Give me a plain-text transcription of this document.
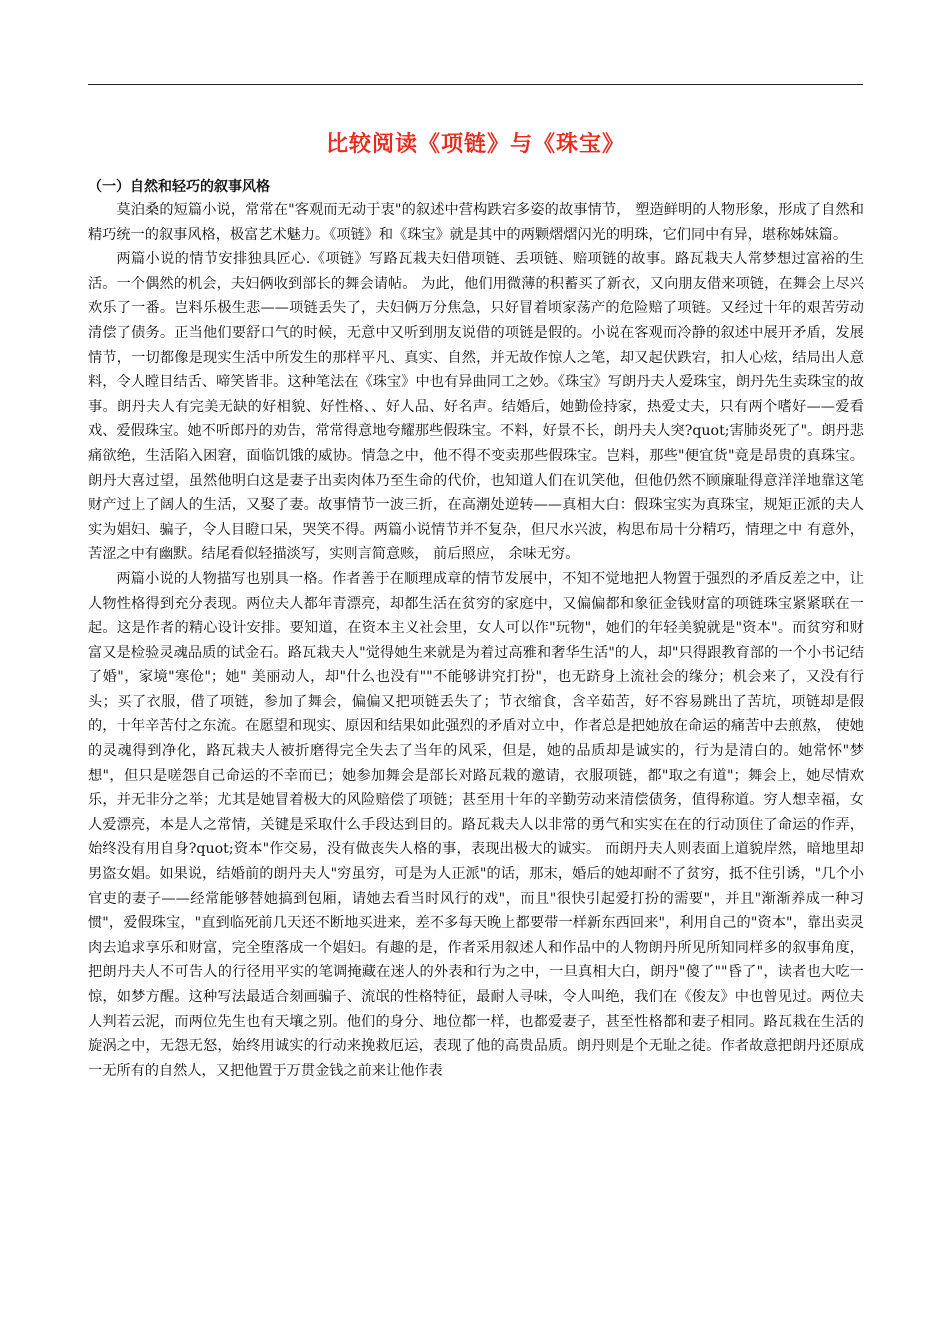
比较阅读《项链》与《珠宝》
（一）自然和轻巧的叙事风格

莫泊桑的短篇小说，常常在"客观而无动于衷"的叙述中营构跌宕多姿的故事情节， 塑造鲜明的人物形象，形成了自然和精巧统一的叙事风格，极富艺术魅力。《项链》和《珠宝》就是其中的两颗熠熠闪光的明珠，它们同中有异，堪称姊妹篇。

两篇小说的情节安排独具匠心.《项链》写路瓦栽夫妇借项链、丢项链、赔项链的故事。路瓦栽夫人常梦想过富裕的生活。一个偶然的机会，夫妇俩收到部长的舞会请帖。 为此，他们用微薄的积蓄买了新衣，又向朋友借来项链，在舞会上尽兴欢乐了一番。岂料乐极生悲——项链丢失了，夫妇俩万分焦急，只好冒着顷家荡产的危险赔了项链。又经过十年的艰苦劳动清偿了债务。正当他们要舒口气的时候，无意中又听到朋友说借的项链是假的。小说在客观而冷静的叙述中展开矛盾，发展情节，一切都像是现实生活中所发生的那样平凡、真实、自然，并无故作惊人之笔，却又起伏跌宕，扣人心炫，结局出人意料，令人瞠目结舌、啼笑皆非。这种笔法在《珠宝》中也有异曲同工之妙。《珠宝》写朗丹夫人爱珠宝，朗丹先生卖珠宝的故事。朗丹夫人有完美无缺的好相貌、好性格、、好人品、好名声。结婚后，她勤俭持家，热爱丈夫，只有两个嗜好——爱看戏、爱假珠宝。她不听郎丹的劝告，常常得意地夸耀那些假珠宝。不料，好景不长，朗丹夫人突?quot;害肺炎死了"。朗丹悲痛欲绝，生活陷入困窘，面临饥饿的威协。情急之中，他不得不变卖那些假珠宝。岂料，那些"便宜货"竟是昂贵的真珠宝。朗丹大喜过望，虽然他明白这是妻子出卖肉体乃至生命的代价，也知道人们在讥笑他，但他仍然不顾廉耻得意洋洋地靠这笔财产过上了阔人的生活，又娶了妻。故事情节一波三折，在高潮处逆转——真相大白：假珠宝实为真珠宝，规矩正派的夫人实为娼妇、骗子，令人目瞪口呆，哭笑不得。两篇小说情节并不复杂，但尺水兴波，构思布局十分精巧，情理之中 有意外，苦涩之中有幽默。结尾看似轻描淡写，实则言简意赅， 前后照应， 余味无穷。

两篇小说的人物描写也别具一格。作者善于在顺理成章的情节发展中，不知不觉地把人物置于强烈的矛盾反差之中，让人物性格得到充分表现。两位夫人都年青漂亮，却都生活在贫穷的家庭中，又偏偏都和象征金钱财富的项链珠宝紧紧联在一起。这是作者的精心设计安排。要知道，在资本主义社会里，女人可以作"玩物"，她们的年轻美貌就是"资本"。而贫穷和财富又是检验灵魂品质的试金石。路瓦栽夫人"觉得她生来就是为着过高雅和奢华生活"的人，却"只得跟教育部的一个小书记结了婚"，家境"寒伧"；她" 美丽动人，却"什么也没有""不能够讲究打扮"，也无跻身上流社会的缘分；机会来了，又没有行头；买了衣服，借了项链，参加了舞会，偏偏又把项链丢失了；节衣缩食，含辛茹苦，好不容易跳出了苦坑，项链却是假的，十年辛苦付之东流。在愿望和现实、原因和结果如此强烈的矛盾对立中，作者总是把她放在命运的痛苦中去煎熬， 使她的灵魂得到净化，路瓦栽夫人被折磨得完全失去了当年的风采，但是，她的品质却是诚实的，行为是清白的。她常怀"梦想"，但只是嗟怨自己命运的不幸而已；她参加舞会是部长对路瓦栽的邀请，衣服项链，都"取之有道"；舞会上，她尽情欢乐，并无非分之举；尤其是她冒着极大的风险赔偿了项链；甚至用十年的辛勤劳动来清偿债务，值得称道。穷人想幸福，女人爱漂亮，本是人之常情，关键是采取什么手段达到目的。路瓦栽夫人以非常的勇气和实实在在的行动顶住了命运的作弄，始终没有用自身?quot;资本"作交易，没有做丧失人格的事，表现出极大的诚实。 而朗丹夫人则表面上道貌岸然，暗地里却男盗女娼。如果说，结婚前的朗丹夫人"穷虽穷，可是为人正派"的话，那末，婚后的她却耐不了贫穷，抵不住引诱，"几个小官吏的妻子——经常能够替她搞到包厢，请她去看当时风行的戏"，而且"很快引起爱打扮的需要"，并且"渐渐养成一种习惯"，爱假珠宝，"直到临死前几天还不断地买进来，差不多每天晚上都要带一样新东西回来"，利用自己的"资本"，靠出卖灵肉去追求享乐和财富，完全堕落成一个娼妇。有趣的是，作者采用叙述人和作品中的人物朗丹所见所知同样多的叙事角度，把朗丹夫人不可告人的行径用平实的笔调掩藏在迷人的外表和行为之中，一旦真相大白，朗丹"傻了""昏了"，读者也大吃一惊，如梦方醒。这种写法最适合刻画骗子、流氓的性格特征，最耐人寻味，令人叫绝，我们在《俊友》中也曾见过。两位夫人判若云泥，而两位先生也有天壤之别。他们的身分、地位都一样，也都爱妻子，甚至性格都和妻子相同。路瓦栽在生活的旋涡之中，无怨无怒，始终用诚实的行动来挽救厄运，表现了他的高贵品质。朗丹则是个无耻之徒。作者故意把朗丹还原成一无所有的自然人，又把他置于万贯金钱之前来让他作表
